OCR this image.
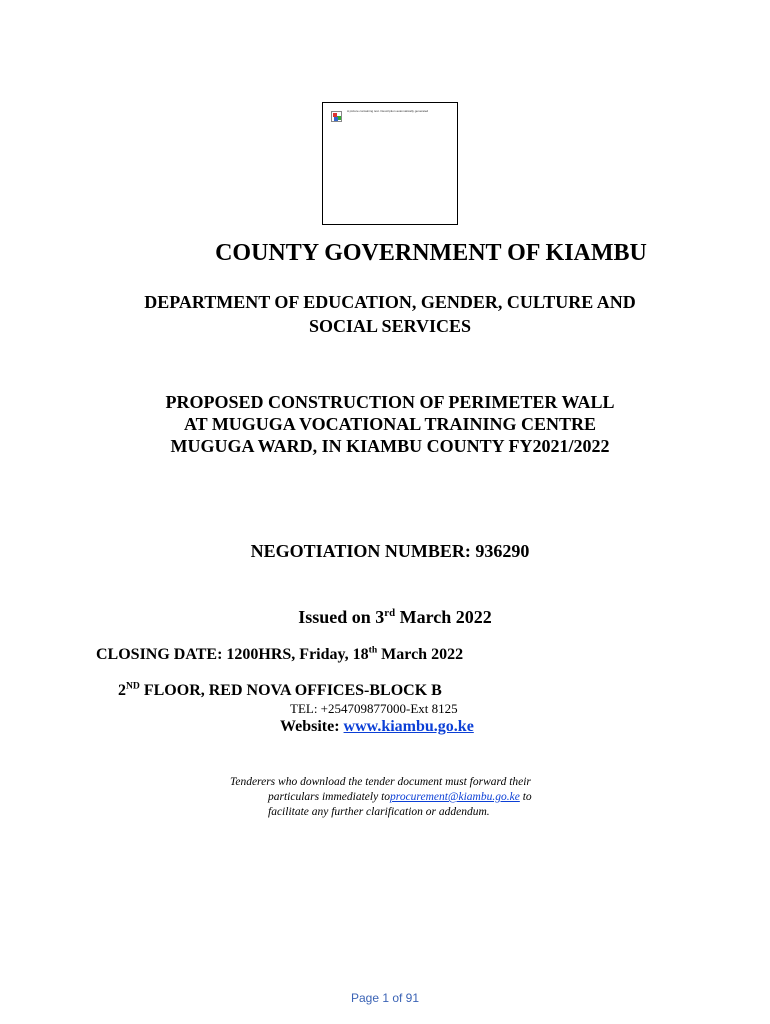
A picture containing text. Description automatically generated
COUNTY GOVERNMENT OF KIAMBU
DEPARTMENT OF EDUCATION, GENDER, CULTURE AND
SOCIAL SERVICES
PROPOSED CONSTRUCTION OF PERIMETER WALL
AT MUGUGA VOCATIONAL TRAINING CENTRE
MUGUGA WARD, IN KIAMBU COUNTY FY2021/2022
NEGOTIATION NUMBER: 936290
Issued on 3rd March 2022
CLOSING DATE: 1200HRS, Friday, 18th March 2022
2ND FLOOR, RED NOVA OFFICES-BLOCK B
TEL: +254709877000-Ext 8125
Website: www.kiambu.go.ke
Tenderers who download the tender document must forward their
particulars immediately toprocurement@kiambu.go.ke to
facilitate any further clarification or addendum.
Page 1 of 91
